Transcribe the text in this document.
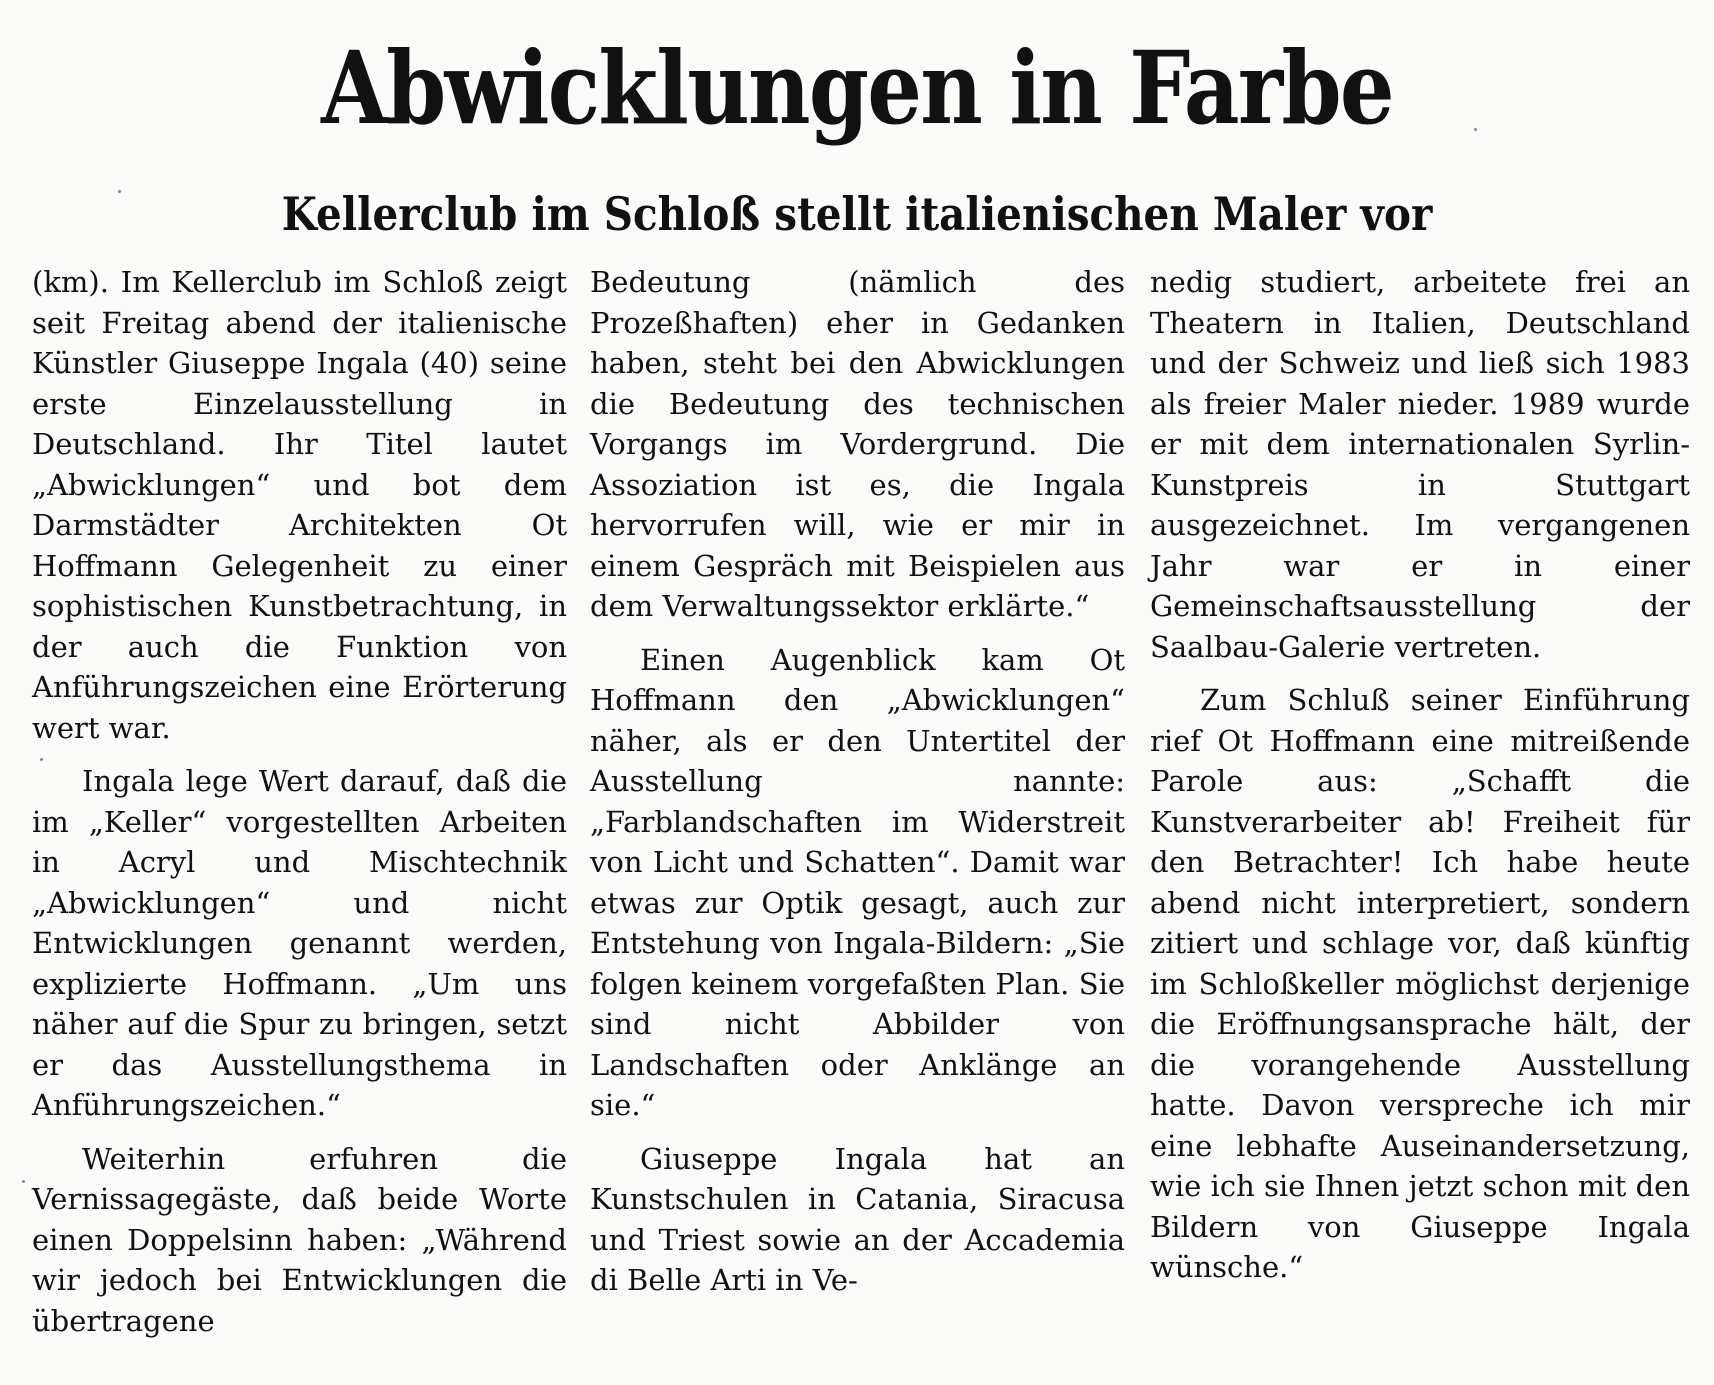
Abwicklungen in Farbe
Kellerclub im Schloß stellt italienischen Maler vor

(km). Im Kellerclub im Schloß zeigt seit Freitag abend der italienische Künstler Giuseppe Ingala (40) seine erste Einzelausstellung in Deutschland. Ihr Titel lautet „Abwicklungen“ und bot dem Darmstädter Architekten Ot Hoffmann Gelegenheit zu einer sophistischen Kunstbetrachtung, in der auch die Funktion von Anführungszeichen eine Erörterung wert war.

Ingala lege Wert darauf, daß die im „Keller“ vorgestellten Arbeiten in Acryl und Mischtechnik „Abwicklungen“ und nicht Entwicklungen genannt werden, explizierte Hoffmann. „Um uns näher auf die Spur zu bringen, setzt er das Ausstellungsthema in Anführungszeichen.“

Weiterhin erfuhren die Vernissagegäste, daß beide Worte einen Doppelsinn haben: „Während wir jedoch bei Entwicklungen die übertragene

Bedeutung (nämlich des Prozeßhaften) eher in Gedanken haben, steht bei den Abwicklungen die Bedeutung des technischen Vorgangs im Vordergrund. Die Assoziation ist es, die Ingala hervorrufen will, wie er mir in einem Gespräch mit Beispielen aus dem Verwaltungssektor erklärte.“

Einen Augenblick kam Ot Hoffmann den „Abwicklungen“ näher, als er den Untertitel der Ausstellung nannte: „Farblandschaften im Widerstreit von Licht und Schatten“. Damit war etwas zur Optik gesagt, auch zur Entstehung von Ingala-Bildern: „Sie folgen keinem vorgefaßten Plan. Sie sind nicht Abbilder von Landschaften oder Anklänge an sie.“

Giuseppe Ingala hat an Kunstschulen in Catania, Siracusa und Triest sowie an der Accademia di Belle Arti in Ve-

nedig studiert, arbeitete frei an Theatern in Italien, Deutschland und der Schweiz und ließ sich 1983 als freier Maler nieder. 1989 wurde er mit dem internationalen Syrlin-Kunstpreis in Stuttgart ausgezeichnet. Im vergangenen Jahr war er in einer Gemeinschaftsausstellung der Saalbau-Galerie vertreten.

Zum Schluß seiner Einführung rief Ot Hoffmann eine mitreißende Parole aus: „Schafft die Kunstverarbeiter ab! Freiheit für den Betrachter! Ich habe heute abend nicht interpretiert, sondern zitiert und schlage vor, daß künftig im Schloßkeller möglichst derjenige die Eröffnungsansprache hält, der die vorangehende Ausstellung hatte. Davon verspreche ich mir eine lebhafte Auseinandersetzung, wie ich sie Ihnen jetzt schon mit den Bildern von Giuseppe Ingala wünsche.“
